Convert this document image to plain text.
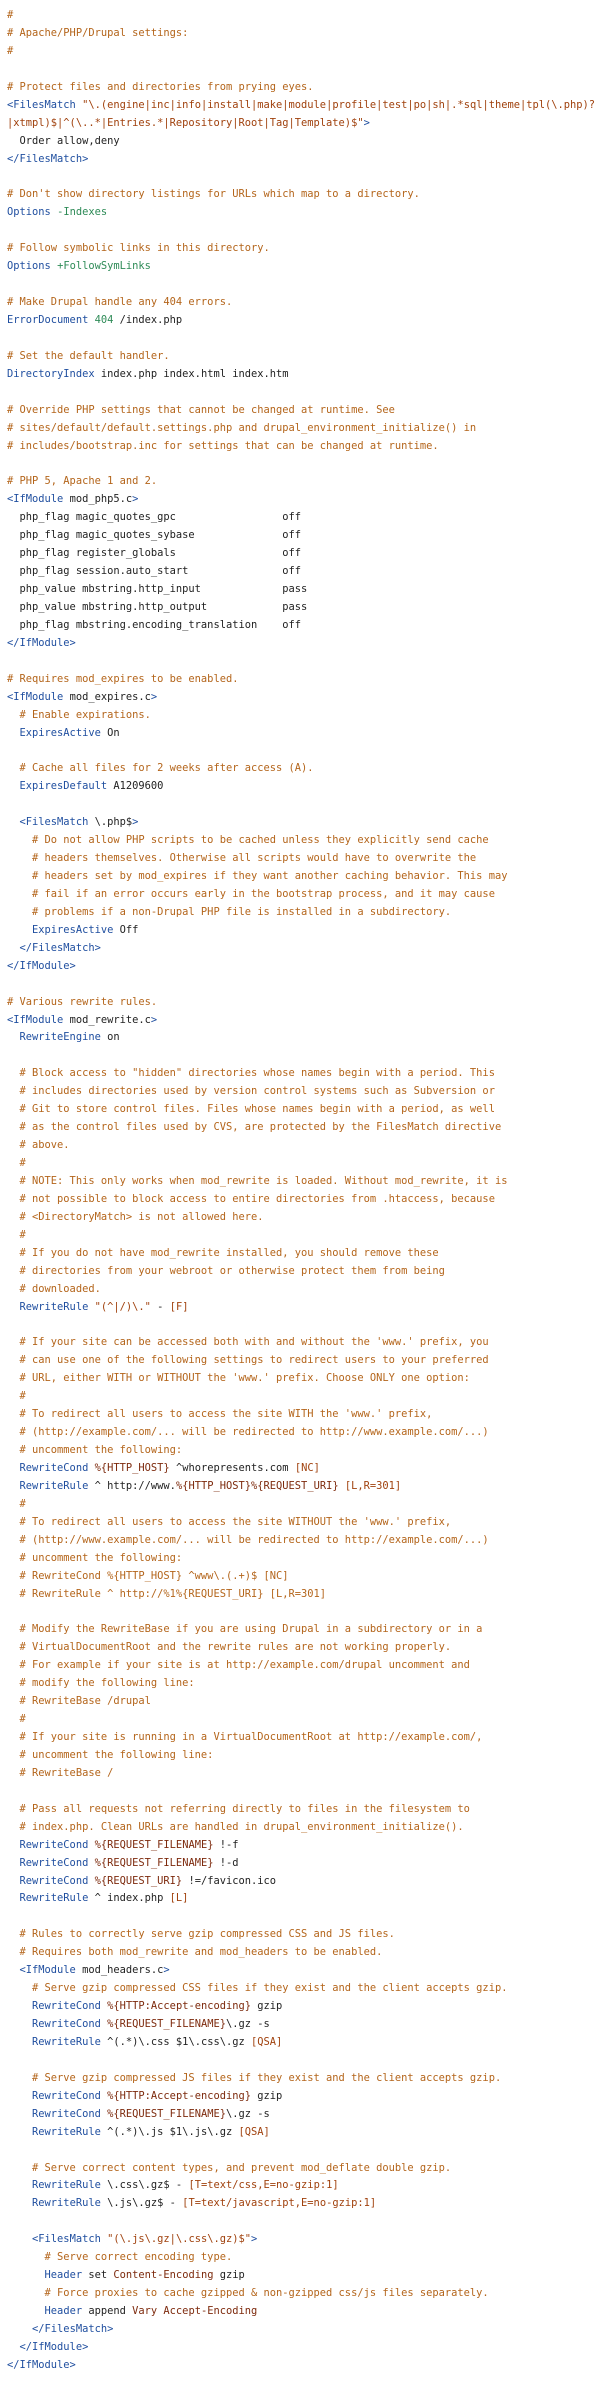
#
# Apache/PHP/Drupal settings:
#

# Protect files and directories from prying eyes.
<FilesMatch "\.(engine|inc|info|install|make|module|profile|test|po|sh|.*sql|theme|tpl(\.php)?
|xtmpl)$|^(\..*|Entries.*|Repository|Root|Tag|Template)$">
Order allow,deny
</FilesMatch>

# Don't show directory listings for URLs which map to a directory.
Options -Indexes

# Follow symbolic links in this directory.
Options +FollowSymLinks

# Make Drupal handle any 404 errors.
ErrorDocument 404 /index.php

# Set the default handler.
DirectoryIndex index.php index.html index.htm

# Override PHP settings that cannot be changed at runtime. See
# sites/default/default.settings.php and drupal_environment_initialize() in
# includes/bootstrap.inc for settings that can be changed at runtime.

# PHP 5, Apache 1 and 2.
<IfModule mod_php5.c>
php_flag magic_quotes_gpc                 off
php_flag magic_quotes_sybase              off
php_flag register_globals                 off
php_flag session.auto_start               off
php_value mbstring.http_input             pass
php_value mbstring.http_output            pass
php_flag mbstring.encoding_translation    off
</IfModule>

# Requires mod_expires to be enabled.
<IfModule mod_expires.c>
# Enable expirations.
ExpiresActive On

# Cache all files for 2 weeks after access (A).
ExpiresDefault A1209600

<FilesMatch \.php$>
# Do not allow PHP scripts to be cached unless they explicitly send cache
# headers themselves. Otherwise all scripts would have to overwrite the
# headers set by mod_expires if they want another caching behavior. This may
# fail if an error occurs early in the bootstrap process, and it may cause
# problems if a non-Drupal PHP file is installed in a subdirectory.
ExpiresActive Off
</FilesMatch>
</IfModule>

# Various rewrite rules.
<IfModule mod_rewrite.c>
RewriteEngine on

# Block access to "hidden" directories whose names begin with a period. This
# includes directories used by version control systems such as Subversion or
# Git to store control files. Files whose names begin with a period, as well
# as the control files used by CVS, are protected by the FilesMatch directive
# above.
#
# NOTE: This only works when mod_rewrite is loaded. Without mod_rewrite, it is
# not possible to block access to entire directories from .htaccess, because
# <DirectoryMatch> is not allowed here.
#
# If you do not have mod_rewrite installed, you should remove these
# directories from your webroot or otherwise protect them from being
# downloaded.
RewriteRule "(^|/)\." - [F]

# If your site can be accessed both with and without the 'www.' prefix, you
# can use one of the following settings to redirect users to your preferred
# URL, either WITH or WITHOUT the 'www.' prefix. Choose ONLY one option:
#
# To redirect all users to access the site WITH the 'www.' prefix,
# (http://example.com/... will be redirected to http://www.example.com/...)
# uncomment the following:
RewriteCond %{HTTP_HOST} ^whorepresents.com [NC]
RewriteRule ^ http://www.%{HTTP_HOST}%{REQUEST_URI} [L,R=301]
#
# To redirect all users to access the site WITHOUT the 'www.' prefix,
# (http://www.example.com/... will be redirected to http://example.com/...)
# uncomment the following:
# RewriteCond %{HTTP_HOST} ^www\.(.+)$ [NC]
# RewriteRule ^ http://%1%{REQUEST_URI} [L,R=301]

# Modify the RewriteBase if you are using Drupal in a subdirectory or in a
# VirtualDocumentRoot and the rewrite rules are not working properly.
# For example if your site is at http://example.com/drupal uncomment and
# modify the following line:
# RewriteBase /drupal
#
# If your site is running in a VirtualDocumentRoot at http://example.com/,
# uncomment the following line:
# RewriteBase /

# Pass all requests not referring directly to files in the filesystem to
# index.php. Clean URLs are handled in drupal_environment_initialize().
RewriteCond %{REQUEST_FILENAME} !-f
RewriteCond %{REQUEST_FILENAME} !-d
RewriteCond %{REQUEST_URI} !=/favicon.ico
RewriteRule ^ index.php [L]

# Rules to correctly serve gzip compressed CSS and JS files.
# Requires both mod_rewrite and mod_headers to be enabled.
<IfModule mod_headers.c>
# Serve gzip compressed CSS files if they exist and the client accepts gzip.
RewriteCond %{HTTP:Accept-encoding} gzip
RewriteCond %{REQUEST_FILENAME}\.gz -s
RewriteRule ^(.*)\.css $1\.css\.gz [QSA]

# Serve gzip compressed JS files if they exist and the client accepts gzip.
RewriteCond %{HTTP:Accept-encoding} gzip
RewriteCond %{REQUEST_FILENAME}\.gz -s
RewriteRule ^(.*)\.js $1\.js\.gz [QSA]

# Serve correct content types, and prevent mod_deflate double gzip.
RewriteRule \.css\.gz$ - [T=text/css,E=no-gzip:1]
RewriteRule \.js\.gz$ - [T=text/javascript,E=no-gzip:1]

<FilesMatch "(\.js\.gz|\.css\.gz)$">
# Serve correct encoding type.
Header set Content-Encoding gzip
# Force proxies to cache gzipped & non-gzipped css/js files separately.
Header append Vary Accept-Encoding
</FilesMatch>
</IfModule>
</IfModule>
